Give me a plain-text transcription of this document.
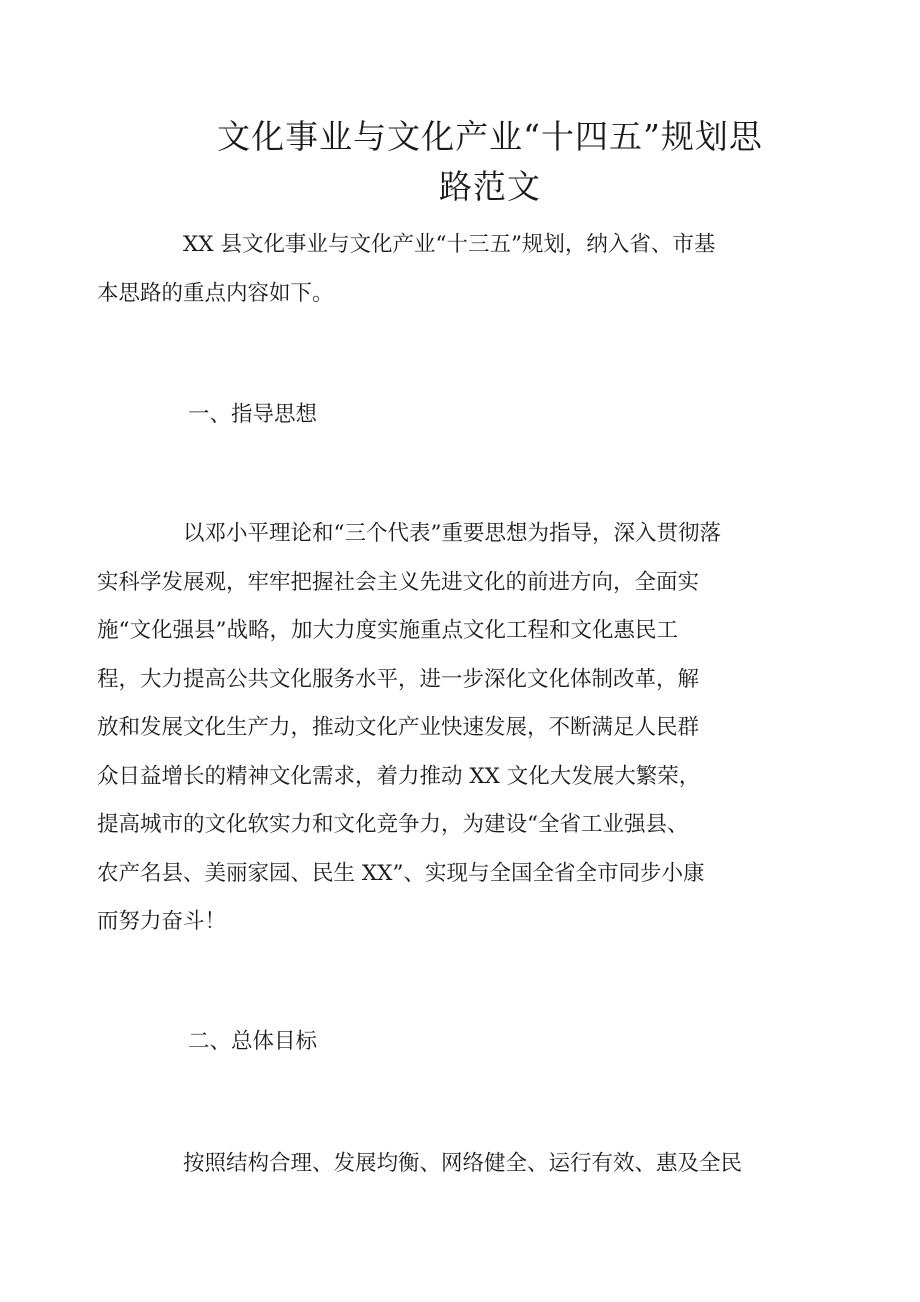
文化事业与文化产业“十四五”规划思
路范文

XX 县文化事业与文化产业“十三五”规划，纳入省、市基
本思路的重点内容如下。

一、指导思想

以邓小平理论和“三个代表”重要思想为指导，深入贯彻落
实科学发展观，牢牢把握社会主义先进文化的前进方向，全面实
施“文化强县”战略，加大力度实施重点文化工程和文化惠民工
程，大力提高公共文化服务水平，进一步深化文化体制改革，解
放和发展文化生产力，推动文化产业快速发展，不断满足人民群
众日益增长的精神文化需求，着力推动 XX 文化大发展大繁荣，
提高城市的文化软实力和文化竞争力，为建设“全省工业强县、
农产名县、美丽家园、民生 XX”、实现与全国全省全市同步小康
而努力奋斗！

二、总体目标

按照结构合理、发展均衡、网络健全、运行有效、惠及全民
